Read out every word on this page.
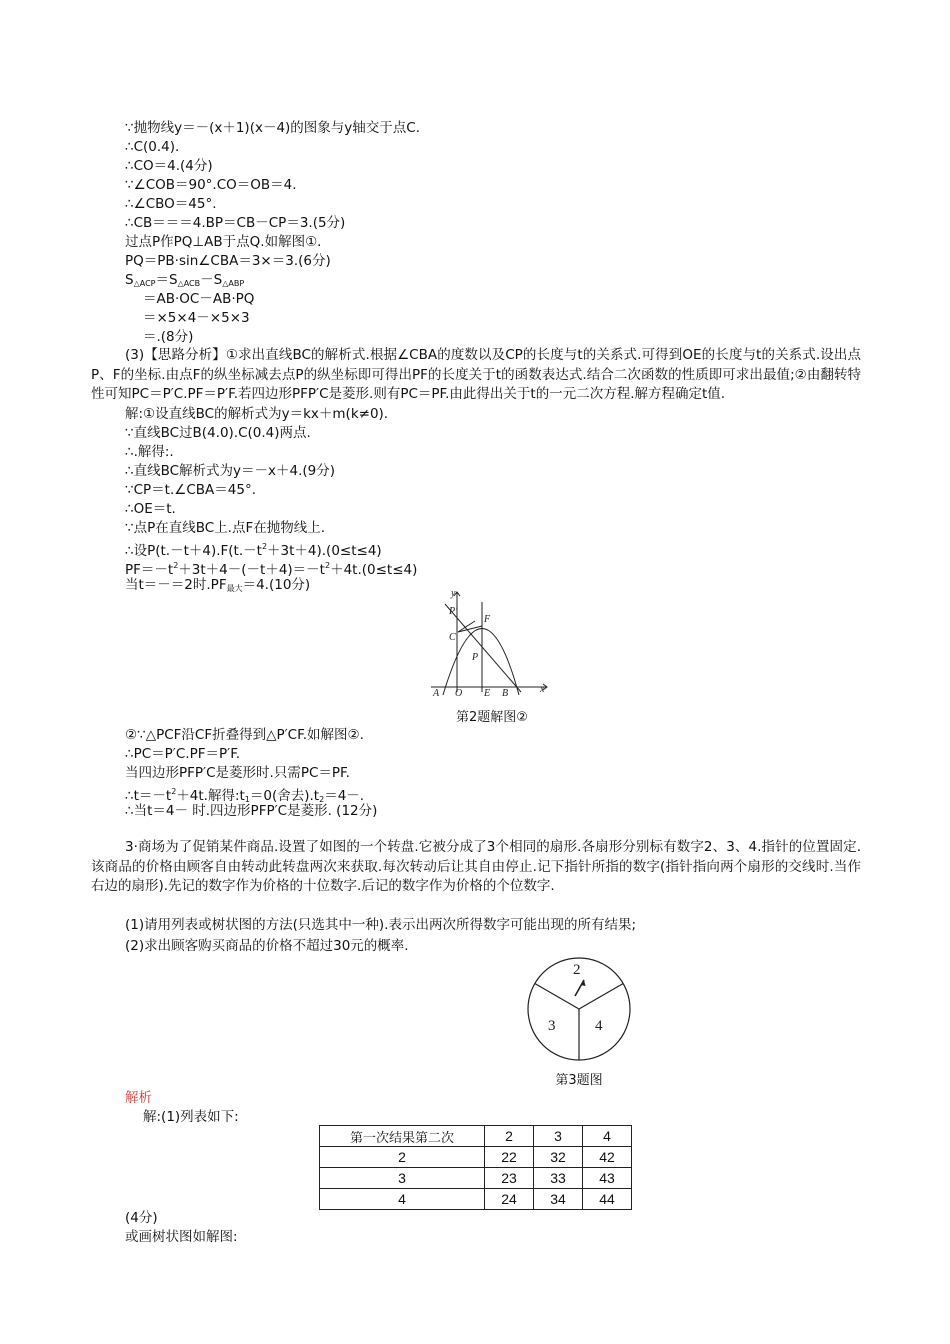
∵抛物线y＝－(x＋1)(x－4)的图象与y轴交于点C.
∴C(0.4).
∴CO＝4.(4分)
∵∠COB＝90°.CO＝OB＝4.
∴∠CBO＝45°.
∴CB＝＝＝4.BP＝CB－CP＝3.(5分)
过点P作PQ⊥AB于点Q.如解图①.
PQ＝PB·sin∠CBA＝3×＝3.(6分)
$S_{\triangle ACP}=S_{\triangle ACB}-S_{\triangle ABP}$
＝AB·OC－AB·PQ
＝×5×4－×5×3
＝.(8分)
(3)【思路分析】①求出直线BC的解析式.根据∠CBA的度数以及CP的长度与t的关系式.可得到OE的长度与t的关系式.设出点P、F的坐标.由点F的纵坐标减去点P的纵坐标即可得出PF的长度关于t的函数表达式.结合二次函数的性质即可求出最值;②由翻转特性可知PC＝P′C.PF＝P′F.若四边形PFP′C是菱形.则有PC＝PF.由此得出关于t的一元二次方程.解方程确定t值.
解:①设直线BC的解析式为y＝kx＋m(k≠0).
∵直线BC过B(4.0).C(0.4)两点.
∴.解得:.
∴直线BC解析式为y＝－x＋4.(9分)
∵CP＝t.∠CBA＝45°.
∴OE＝t.
∵点P在直线BC上.点F在抛物线上.
∴设$P(t.-t+4).F(t.-t^2+3t+4).(0\le t\le 4)$
$PF=-t^2+3t+4-(-t+4)=-t^2+4t.(0\le t\le 4)$
当t＝－＝2时$.PF_{最大}=4.(10$分)
y
P′
F
C
P
A O E B	x
第2题解图②
②∵△PCF沿CF折叠得到△P′CF.如解图②.
∴PC＝P′C.PF＝P′F.
当四边形PFP′C是菱形时.只需PC＝PF.
$\therefore t=-t^2+4t$.解得$:t_1=0$(舍去)$.t_2=4-$.
∴当t＝4－ 时.四边形PFP′C是菱形. (12分)
3·商场为了促销某件商品.设置了如图的一个转盘.它被分成了3个相同的扇形.各扇形分别标有数字2、3、4.指针的位置固定.该商品的价格由顾客自由转动此转盘两次来获取.每次转动后让其自由停止.记下指针所指的数字(指针指向两个扇形的交线时.当作右边的扇形).先记的数字作为价格的十位数字.后记的数字作为价格的个位数字.
(1)请用列表或树状图的方法(只选其中一种).表示出两次所得数字可能出现的所有结果;
(2)求出顾客购买商品的价格不超过30元的概率.
2
3	4
第3题图
解析
解:(1)列表如下:
第一次结果第二次	2	3	4
2	22	32	42
3	23	33	43
4	24	34	44
(4分)
或画树状图如解图:
